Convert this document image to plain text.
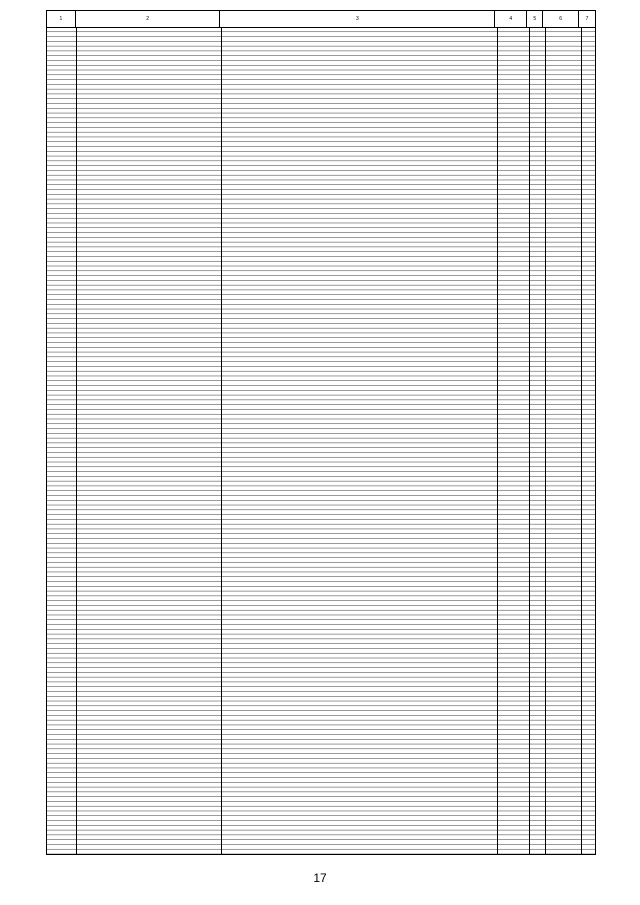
1	2	3	4	5	6	7
17
